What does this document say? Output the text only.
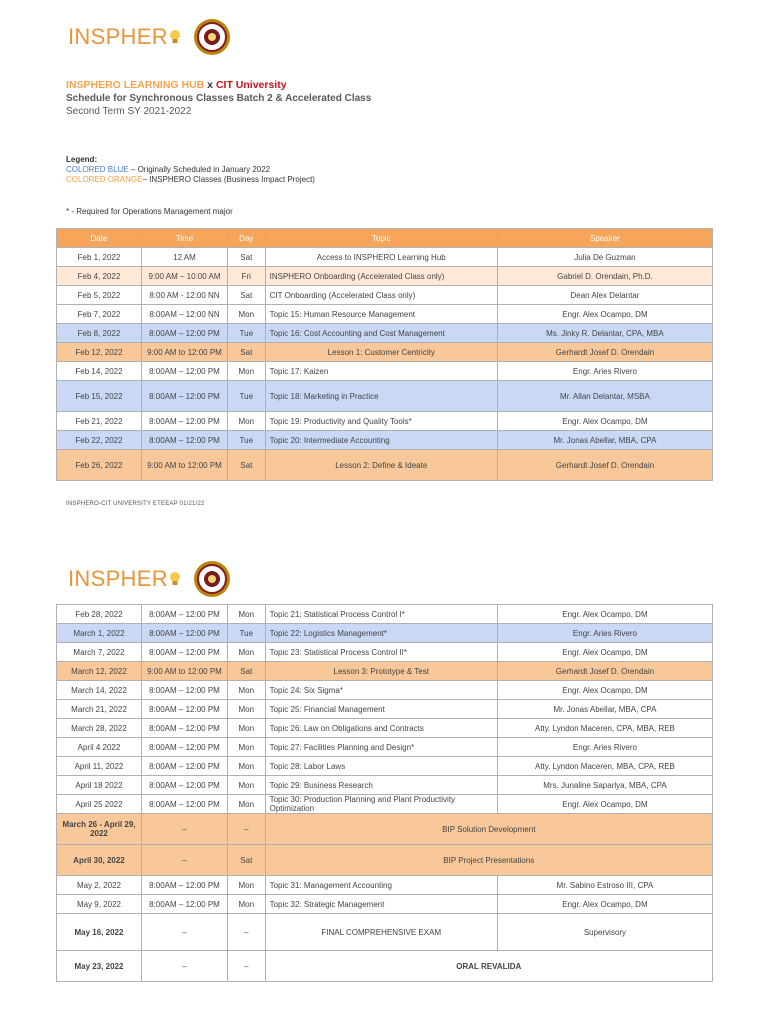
INSPHER
INSPHERO LEARNING HUB x CIT University
Schedule for Synchronous Classes Batch 2 & Accelerated Class
Second Term SY 2021-2022
Legend:
COLORED BLUE – Originally Scheduled in January 2022
COLORED ORANGE– INSPHERO Classes (Business Impact Project)
* - Required for Operations Management major
Date	Time	Day	Topic	Speaker
Feb 1, 2022	12 AM	Sat	Access to INSPHERO Learning Hub	Julia De Guzman
Feb 4, 2022	9:00 AM – 10:00 AM	Fri	INSPHERO Onboarding (Accelerated Class only)	Gabriel D. Orendain, Ph.D.
Feb 5, 2022	8:00 AM - 12:00 NN	Sat	CIT Onboarding (Accelerated Class only)	Dean Alex Delantar
Feb 7, 2022	8:00AM – 12:00 NN	Mon	Topic 15: Human Resource Management	Engr. Alex Ocampo, DM
Feb 8, 2022	8:00AM – 12:00 PM	Tue	Topic 16: Cost Accounting and Cost Management	Ms. Jinky R. Delantar, CPA, MBA
Feb 12, 2022	9:00 AM to 12:00 PM	Sat	Lesson 1: Customer Centricity	Gerhardt Josef D. Orendain
Feb 14, 2022	8:00AM – 12:00 PM	Mon	Topic 17: Kaizen	Engr. Aries Rivero
Feb 15, 2022	8:00AM – 12:00 PM	Tue	Topic 18: Marketing in Practice	Mr. Allan Delantar, MSBA
Feb 21, 2022	8:00AM – 12:00 PM	Mon	Topic 19: Productivity and Quality Tools*	Engr. Alex Ocampo, DM
Feb 22, 2022	8:00AM – 12:00 PM	Tue	Topic 20: Intermediate Accounting	Mr. Jonas Abellar, MBA, CPA
Feb 26, 2022	9:00 AM to 12:00 PM	Sat	Lesson 2: Define & Ideate	Gerhardt Josef D. Orendain
INSPHERO-CIT UNIVERSITY ETEEAP 01/21/22
INSPHER
Feb 28, 2022	8:00AM – 12:00 PM	Mon	Topic 21: Statistical Process Control I*	Engr. Alex Ocampo, DM
March 1, 2022	8:00AM – 12:00 PM	Tue	Topic 22: Logistics Management*	Engr. Aries Rivero
March 7, 2022	8:00AM – 12:00 PM	Mon	Topic 23: Statistical Process Control II*	Engr. Alex Ocampo, DM
March 12, 2022	9:00 AM to 12:00 PM	Sat	Lesson 3: Prototype & Test	Gerhardt Josef D. Orendain
March 14, 2022	8:00AM – 12:00 PM	Mon	Topic 24: Six Sigma*	Engr. Alex Ocampo, DM
March 21, 2022	8:00AM – 12:00 PM	Mon	Topic 25: Financial Management	Mr. Jonas Abellar, MBA, CPA
March 28, 2022	8:00AM – 12:00 PM	Mon	Topic 26: Law on Obligations and Contracts	Atty. Lyndon Maceren, CPA, MBA, REB
April 4 2022	8:00AM – 12:00 PM	Mon	Topic 27: Facilities Planning and Design*	Engr. Aries Rivero
April 11, 2022	8:00AM – 12:00 PM	Mon	Topic 28: Labor Laws	Atty. Lyndon Maceren, MBA, CPA, REB
April 18 2022	8:00AM – 12:00 PM	Mon	Topic 29: Business Research	Mrs. Junaline Saparlya, MBA, CPA
April 25 2022	8:00AM – 12:00 PM	Mon	Topic 30: Production Planning and Plant Productivity Optimization	Engr. Alex Ocampo, DM
March 26 - April 29, 2022	–	–	BIP Solution Development	
April 30, 2022	–	Sat	BIP Project Presentations	
May 2, 2022	8:00AM – 12:00 PM	Mon	Topic 31: Management Accounting	Mr. Sabino Estroso III, CPA
May 9, 2022	8:00AM – 12:00 PM	Mon	Topic 32: Strategic Management	Engr. Alex Ocampo, DM
May 16, 2022	–	–	FINAL COMPREHENSIVE EXAM	Supervisory
May 23, 2022	–	–	ORAL REVALIDA	
